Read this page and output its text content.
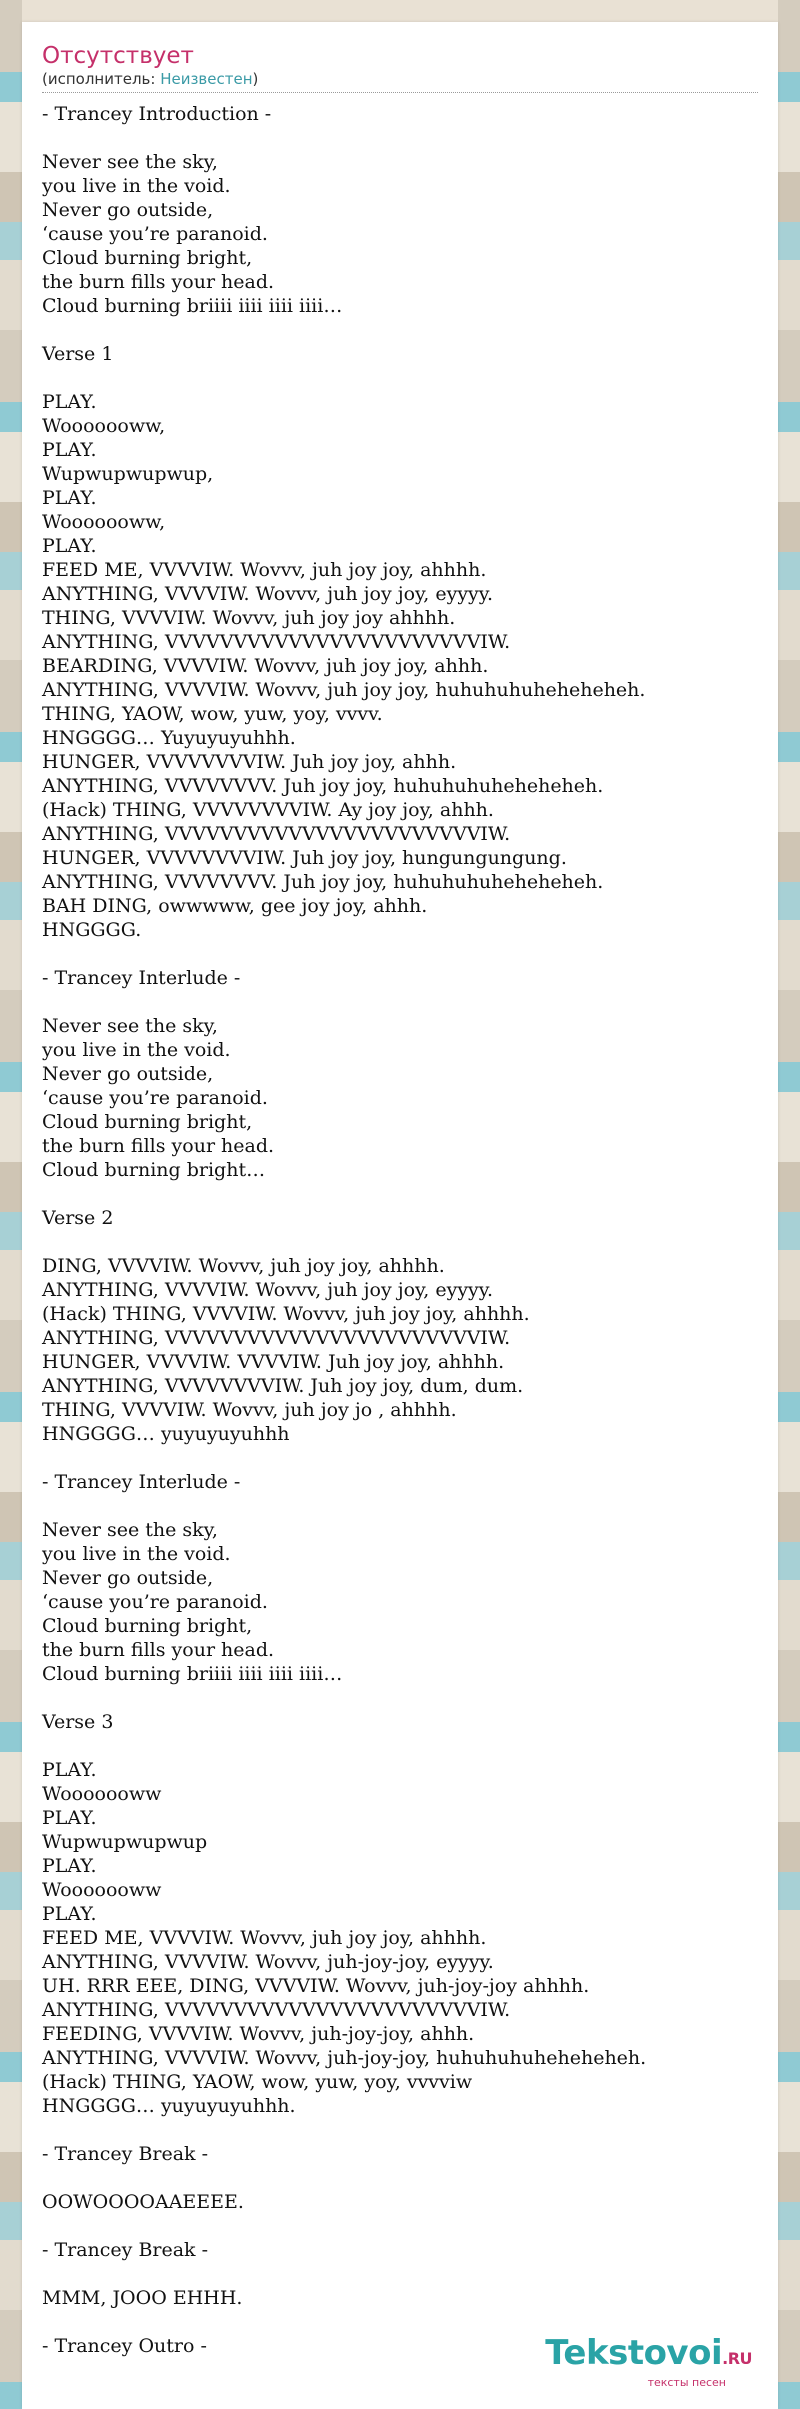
Отсутствует
(исполнитель: Неизвестен)
- Trancey Introduction -

Never see the sky,
you live in the void.
Never go outside,
‘cause you’re paranoid.
Cloud burning bright,
the burn fills your head.
Cloud burning briiii iiii iiii iiii…

Verse 1

PLAY.
Wooooooww,
PLAY.
Wupwupwupwup,
PLAY.
Wooooooww,
PLAY.
FEED ME, VVVVIW. Wovvv, juh joy joy, ahhhh.
ANYTHING, VVVVIW. Wovvv, juh joy joy, eyyyy.
THING, VVVVIW. Wovvv, juh joy joy ahhhh.
ANYTHING, VVVVVVVVVVVVVVVVVVVVVVVIW.
BEARDING, VVVVIW. Wovvv, juh joy joy, ahhh.
ANYTHING, VVVVIW. Wovvv, juh joy joy, huhuhuhuheheheheh.
THING, YAOW, wow, yuw, yoy, vvvv.
HNGGGG… Yuyuyuyuhhh.
HUNGER, VVVVVVVVIW. Juh joy joy, ahhh.
ANYTHING, VVVVVVVV. Juh joy joy, huhuhuhuheheheheh.
(Hack) THING, VVVVVVVVIW. Ay joy joy, ahhh.
ANYTHING, VVVVVVVVVVVVVVVVVVVVVVVIW.
HUNGER, VVVVVVVVIW. Juh joy joy, hungungungung.
ANYTHING, VVVVVVVV. Juh joy joy, huhuhuhuheheheheh.
BAH DING, owwwww, gee joy joy, ahhh.
HNGGGG.

- Trancey Interlude -

Never see the sky,
you live in the void.
Never go outside,
‘cause you’re paranoid.
Cloud burning bright,
the burn fills your head.
Cloud burning bright…

Verse 2

DING, VVVVIW. Wovvv, juh joy joy, ahhhh.
ANYTHING, VVVVIW. Wovvv, juh joy joy, eyyyy.
(Hack) THING, VVVVIW. Wovvv, juh joy joy, ahhhh.
ANYTHING, VVVVVVVVVVVVVVVVVVVVVVVIW.
HUNGER, VVVVIW. VVVVIW. Juh joy joy, ahhhh.
ANYTHING, VVVVVVVVIW. Juh joy joy, dum, dum.
THING, VVVVIW. Wovvv, juh joy jo , ahhhh.
HNGGGG… yuyuyuyuhhh

- Trancey Interlude -

Never see the sky,
you live in the void.
Never go outside,
‘cause you’re paranoid.
Cloud burning bright,
the burn fills your head.
Cloud burning briiii iiii iiii iiii…

Verse 3

PLAY.
Wooooooww
PLAY.
Wupwupwupwup
PLAY.
Wooooooww
PLAY.
FEED ME, VVVVIW. Wovvv, juh joy joy, ahhhh.
ANYTHING, VVVVIW. Wovvv, juh-joy-joy, eyyyy.
UH. RRR EEE, DING, VVVVIW. Wovvv, juh-joy-joy ahhhh.
ANYTHING, VVVVVVVVVVVVVVVVVVVVVVVIW.
FEEDING, VVVVIW. Wovvv, juh-joy-joy, ahhh.
ANYTHING, VVVVIW. Wovvv, juh-joy-joy, huhuhuhuheheheheh.
(Hack) THING, YAOW, wow, yuw, yoy, vvvviw
HNGGGG… yuyuyuyuhhh.

- Trancey Break -

OOWOOOOAAEEEE.

- Trancey Break -

MMM, JOOO EHHH.

- Trancey Outro -	Tekstovoi.RU
тексты песен
